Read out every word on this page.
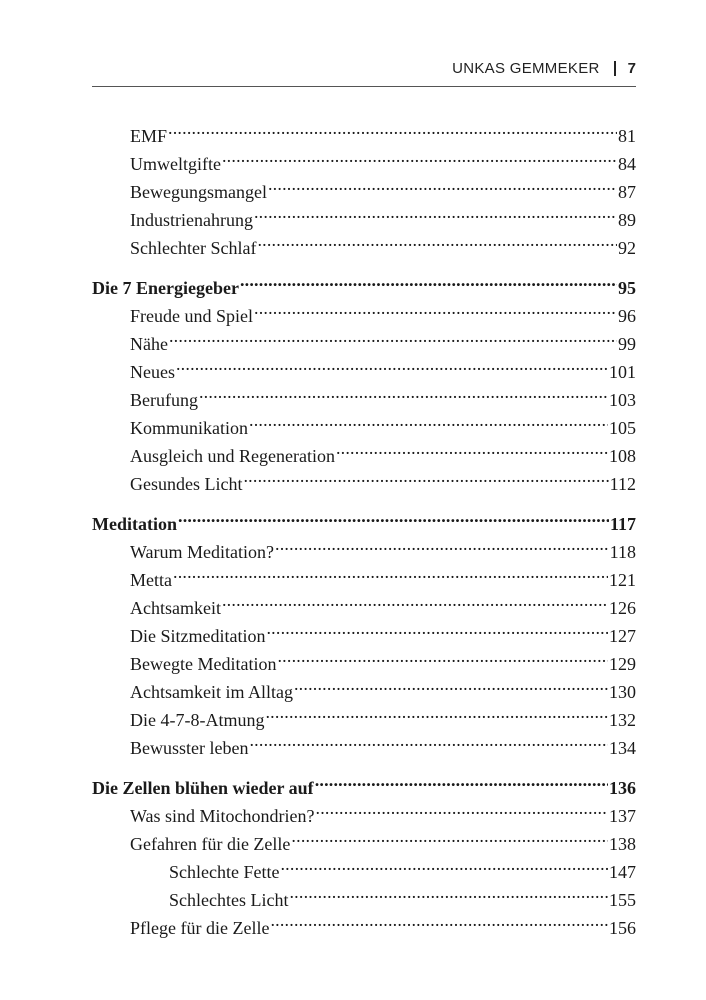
UNKAS GEMMEKER 7
EMF .....	81
Umweltgifte .....	84
Bewegungsmangel .....	87
Industrienahrung .....	89
Schlechter Schlaf .....	92
Die 7 Energiegeber .....	95
Freude und Spiel .....	96
Nähe .....	99
Neues .....	101
Berufung .....	103
Kommunikation .....	105
Ausgleich und Regeneration .....	108
Gesundes Licht .....	112
Meditation .....	117
Warum Meditation? .....	118
Metta .....	121
Achtsamkeit .....	126
Die Sitzmeditation .....	127
Bewegte Meditation .....	129
Achtsamkeit im Alltag .....	130
Die 4-7-8-Atmung .....	132
Bewusster leben .....	134
Die Zellen blühen wieder auf .....	136
Was sind Mitochondrien? .....	137
Gefahren für die Zelle .....	138
Schlechte Fette .....	147
Schlechtes Licht .....	155
Pflege für die Zelle .....	156
